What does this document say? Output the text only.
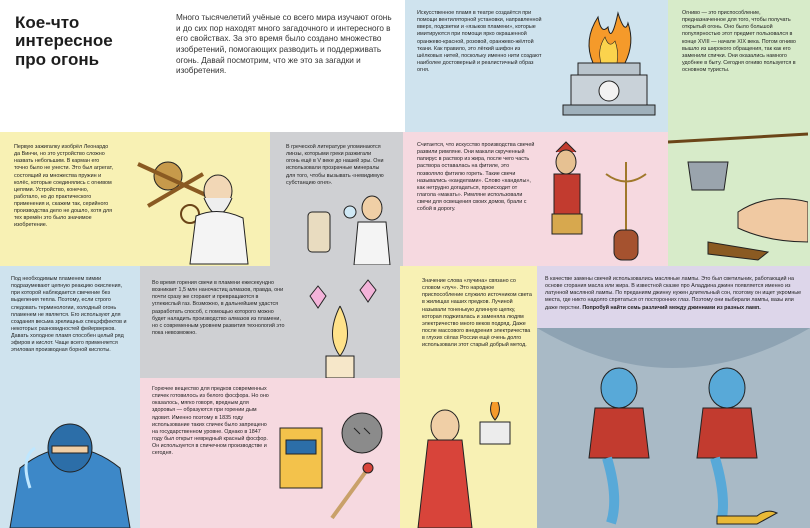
Кое-что интересное про огонь
Много тысячелетий учёные со всего мира изучают огонь и до сих пор находят много загадочного и интересного в его свойствах. За это время было создано множество изобретений, помогающих разводить и поддерживать огонь. Давай посмотрим, что же это за загадки и изобретения.
Искусственное пламя в театре создаётся при помощи вентиляторной установки, направленной вверх, подсветки и «языков пламени», которые имитируются при помощи ярко окрашенной оранжево-красной, розовой, оранжево-жёлтой ткани. Как правило, это лёгкий шифон из шёлковых нитей, поскольку именно нити создают наиболее достоверный и реалистичный образ огня.
Огниво — это приспособление, предназначенное для того, чтобы получать открытый огонь. Оно было большой популярностью этот предмет пользовался в конце XVIII — начале XIX века. Потом огниво вышло из широкого обращения, так как его заменили спички. Они оказались намного удобнее в быту. Сегодня огниво пользуется в основном туристы.
Первую зажигалку изобрёл Леонардо да Винчи, но это устройство сложно назвать небольшим. В карман его точно было не унести. Это был агрегат, состоящий из множества пружин и колёс, которые соединялись с огнивом цепями. Устройство, конечно, работало, но до практического применения и, скажем так, серийного производства дело не дошло, хотя для тех времён это было значимое изобретение.
В греческой литературе упоминаются линзы, которыми греки разжигали огонь ещё в V веке до нашей эры. Они использовали прозрачные минералы для того, чтобы вызывать «невидимую субстанцию огня».
Считается, что искусство производства свечей развили римляне. Они макали скрученный папирус в раствор из жира, после чего часть раствора оставалась на фитиле, это позволяло фитилю гореть. Такие свечи назывались «канделами». Слово «канделы», как нетрудно догадаться, происходит от глагола «макать». Римляне использовали свечи для освещения своих домов, брали с собой в дорогу.
Под необходимым пламенем химии подразумевают цепную реакцию окисления, при которой наблюдается свечение без выделения тепла. Поэтому, если строго следовать терминологии, холодный огонь пламенем не является. Его используют для создания весьма зрелищных спецэффектов и некоторых разновидностей фейерверков. Давать холодное пламя способен целый ряд эфиров и кислот. Чаще всего применяется этиловая производная борной кислоты.
Во время горения свечи в пламени ежесекундно возникает 1,5 млн наночастиц алмазов, правда, они почти сразу же сгорают и превращаются в углекислый газ. Возможно, в дальнейшем удастся разработать способ, с помощью которого можно будет наладить производство алмазов из пламени, но с современным уровнем развития технологий это пока невозможно.
Значение слова «лучина» связано со словом «луч». Это народное приспособление служило источником света в жилищах наших предков. Лучиной называли тоненькую длинную щепку, которая поджигалась и заменяла людям электричество много веков подряд. Даже после массового внедрения электричества в глухих сёлах России ещё очень долго использовали этот старый добрый метод.
В качестве замены свечей использовались масляные лампы. Это был светильник, работающий на основе сгорания масла или жира. В известной сказке про Аладдина джинн появляется именно из латунной масляной лампы. По преданиям джинну нужен длительный сон, поэтому он ищет укромные места, где никто надолго спрятаться от посторонних глаз. Поэтому они выбирали лампы, вазы или даже перстни. Попробуй найти семь различий между джиннами из разных ламп.
Горючее вещество для предков современных спичек готовилось из белого фосфора. Но оно оказалось, мягко говоря, вредным для здоровья — образуются при горении дым ядовит. Именно поэтому в 1835 году использование таких спичек было запрещено на государственном уровне. Однако в 1847 году был открыт невредный красный фосфор. Он используется в спичечном производстве и сегодня.
